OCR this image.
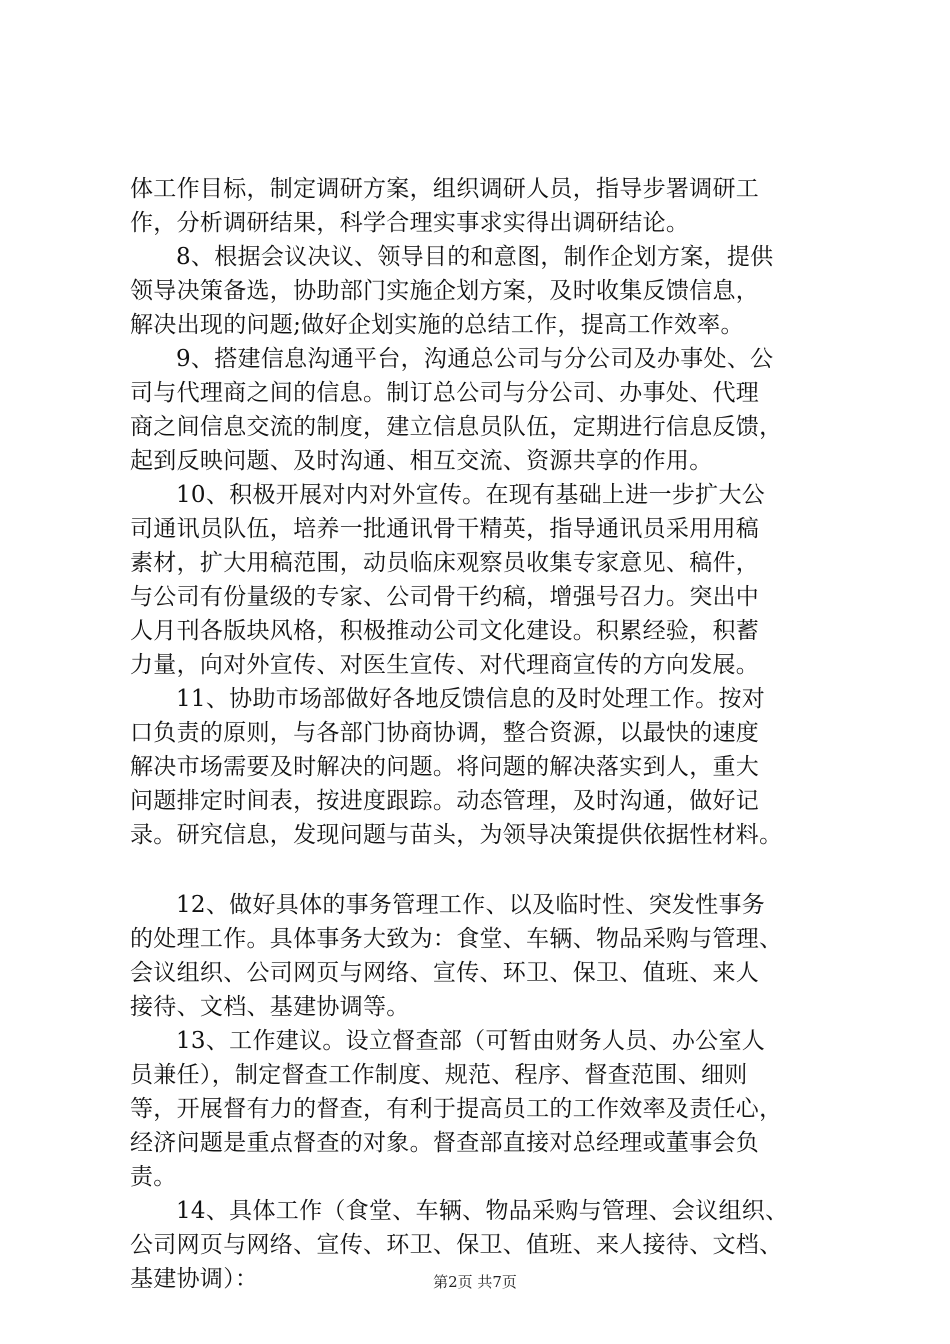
体工作目标，制定调研方案，组织调研人员，指导步署调研工
作，分析调研结果，科学合理实事求实得出调研结论。
8、根据会议决议、领导目的和意图，制作企划方案，提供
领导决策备选，协助部门实施企划方案，及时收集反馈信息，
解决出现的问题;做好企划实施的总结工作，提高工作效率。
9、搭建信息沟通平台，沟通总公司与分公司及办事处、公
司与代理商之间的信息。制订总公司与分公司、办事处、代理
商之间信息交流的制度，建立信息员队伍，定期进行信息反馈，
起到反映问题、及时沟通、相互交流、资源共享的作用。
10、积极开展对内对外宣传。在现有基础上进一步扩大公
司通讯员队伍，培养一批通讯骨干精英，指导通讯员采用用稿
素材，扩大用稿范围，动员临床观察员收集专家意见、稿件，
与公司有份量级的专家、公司骨干约稿，增强号召力。突出中
人月刊各版块风格，积极推动公司文化建设。积累经验，积蓄
力量，向对外宣传、对医生宣传、对代理商宣传的方向发展。
11、协助市场部做好各地反馈信息的及时处理工作。按对
口负责的原则，与各部门协商协调，整合资源，以最快的速度
解决市场需要及时解决的问题。将问题的解决落实到人，重大
问题排定时间表，按进度跟踪。动态管理，及时沟通，做好记
录。研究信息，发现问题与苗头，为领导决策提供依据性材料。
12、做好具体的事务管理工作、以及临时性、突发性事务
的处理工作。具体事务大致为：食堂、车辆、物品采购与管理、
会议组织、公司网页与网络、宣传、环卫、保卫、值班、来人
接待、文档、基建协调等。
13、工作建议。设立督查部（可暂由财务人员、办公室人
员兼任），制定督查工作制度、规范、程序、督查范围、细则
等，开展督有力的督查，有利于提高员工的工作效率及责任心，
经济问题是重点督查的对象。督查部直接对总经理或董事会负
责。
14、具体工作（食堂、车辆、物品采购与管理、会议组织、
公司网页与网络、宣传、环卫、保卫、值班、来人接待、文档、
基建协调）：	第2页 共7页
